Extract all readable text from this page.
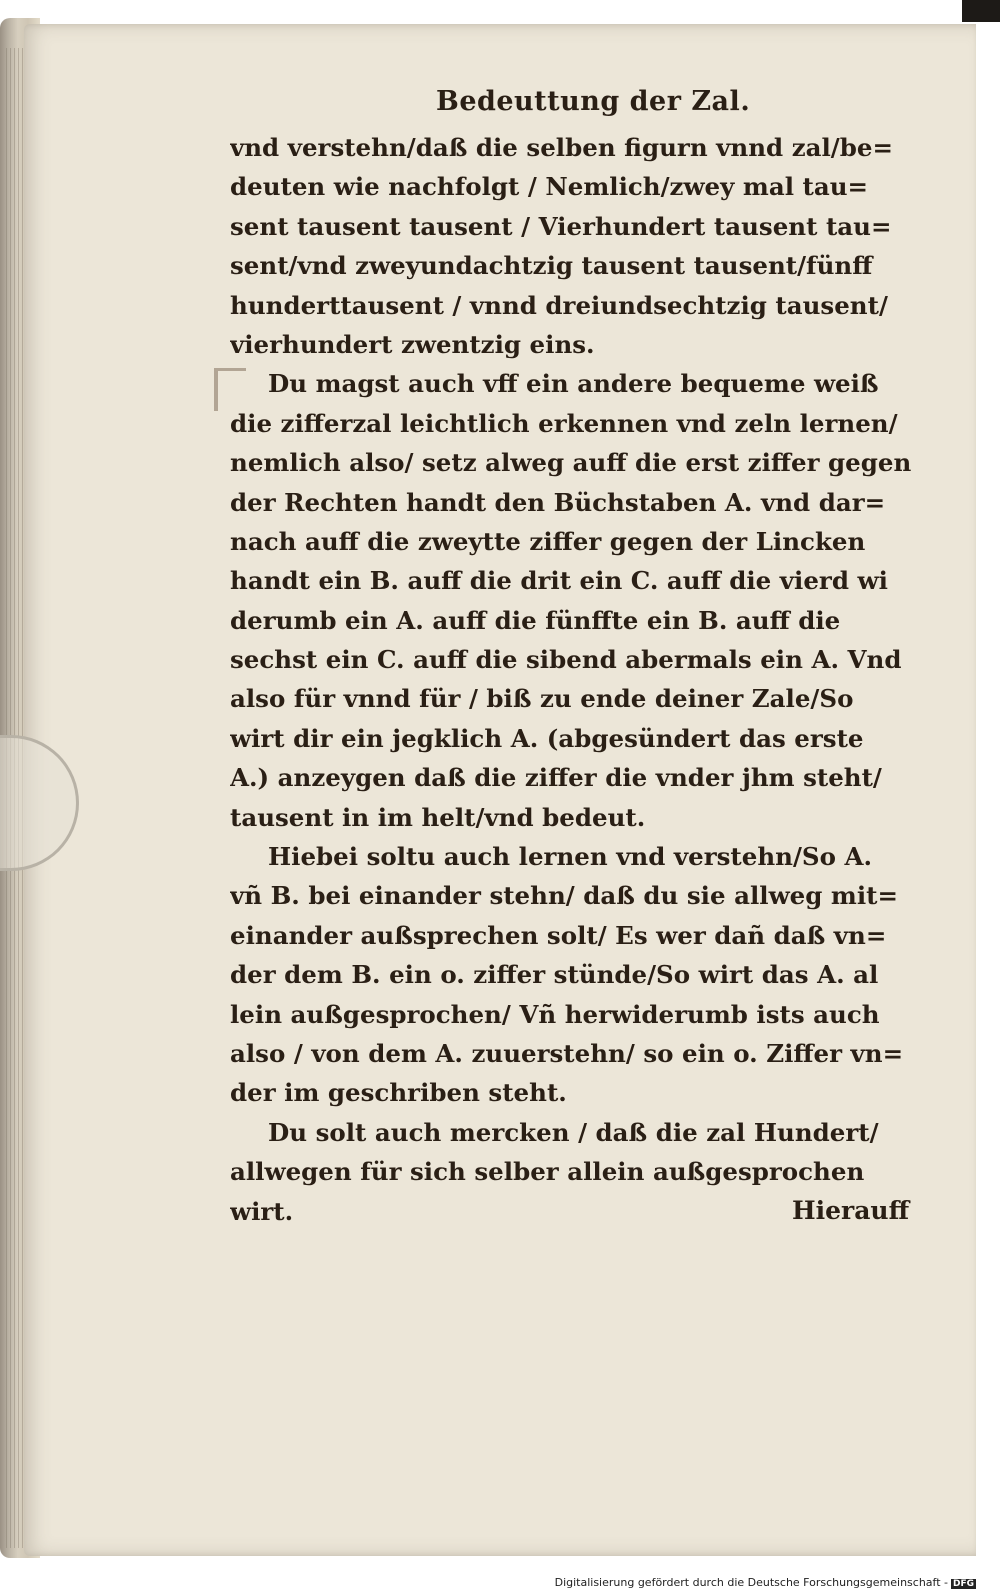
Bedeuttung der Zal.
vnd verstehn/daß die selben figurn vnnd zal/be=
deuten wie nachfolgt / Nemlich/zwey mal tau=
sent tausent tausent / Vierhundert tausent tau=
sent/vnd zweyundachtzig tausent tausent/fünff
hunderttausent / vnnd dreiundsechtzig tausent/
vierhundert zwentzig eins.
Du magst auch vff ein andere bequeme weiß
die zifferzal leichtlich erkennen vnd zeln lernen/
nemlich also/ setz alweg auff die erst ziffer gegen
der Rechten handt den Büchstaben A. vnd dar=
nach auff die zweytte ziffer gegen der Lincken
handt ein B. auff die drit ein C. auff die vierd wi
derumb ein A. auff die fünffte ein B. auff die
sechst ein C. auff die sibend abermals ein A. Vnd
also für vnnd für / biß zu ende deiner Zale/So
wirt dir ein jegklich A. (abgesündert das erste
A.) anzeygen daß die ziffer die vnder jhm steht/
tausent in im helt/vnd bedeut.
Hiebei soltu auch lernen vnd verstehn/So A.
vñ B. bei einander stehn/ daß du sie allweg mit=
einander außsprechen solt/ Es wer dañ daß vn=
der dem B. ein o. ziffer stünde/So wirt das A. al
lein außgesprochen/ Vñ herwiderumb ists auch
also / von dem A. zuuerstehn/ so ein o. Ziffer vn=
der im geschriben steht.
Du solt auch mercken / daß die zal Hundert/
allwegen für sich selber allein außgesprochen
wirt.	Hierauff
Digitalisierung gefördert durch die Deutsche Forschungsgemeinschaft - DFG
